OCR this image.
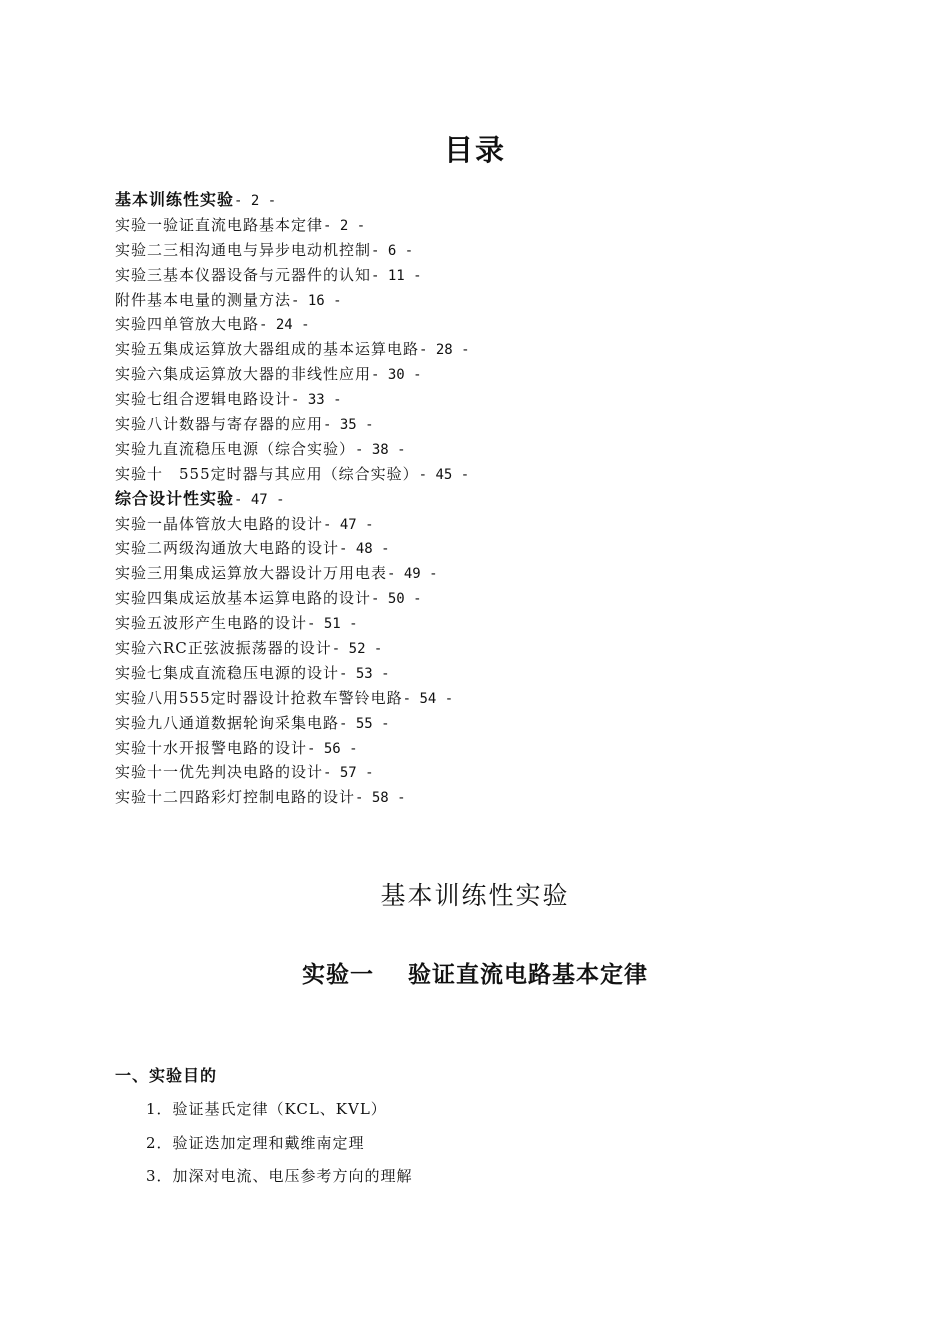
目录
基本训练性实验- 2 -
实验一验证直流电路基本定律- 2 -
实验二三相沟通电与异步电动机控制- 6 -
实验三基本仪器设备与元器件的认知- 11 -
附件基本电量的测量方法- 16 -
实验四单管放大电路- 24 -
实验五集成运算放大器组成的基本运算电路- 28 -
实验六集成运算放大器的非线性应用- 30 -
实验七组合逻辑电路设计- 33 -
实验八计数器与寄存器的应用- 35 -
实验九直流稳压电源（综合实验）- 38 -
实验十　555定时器与其应用（综合实验）- 45 -
综合设计性实验- 47 -
实验一晶体管放大电路的设计- 47 -
实验二两级沟通放大电路的设计- 48 -
实验三用集成运算放大器设计万用电表- 49 -
实验四集成运放基本运算电路的设计- 50 -
实验五波形产生电路的设计- 51 -
实验六RC正弦波振荡器的设计- 52 -
实验七集成直流稳压电源的设计- 53 -
实验八用555定时器设计抢救车警铃电路- 54 -
实验九八通道数据轮询采集电路- 55 -
实验十水开报警电路的设计- 56 -
实验十一优先判决电路的设计- 57 -
实验十二四路彩灯控制电路的设计- 58 -
基本训练性实验
实验一 验证直流电路基本定律
一、实验目的
1．验证基氏定律（KCL、KVL）
2．验证迭加定理和戴维南定理
3．加深对电流、电压参考方向的理解
